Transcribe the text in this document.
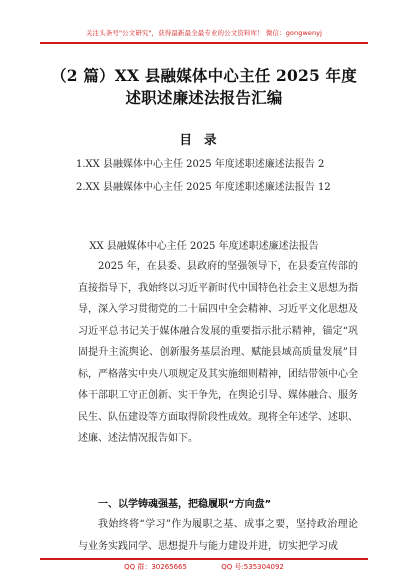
关注头条号"公文研究"，获得最新最全最专业的公文资料库！ 微信：gongwenyj
（2 篇）XX 县融媒体中心主任 2025 年度
述职述廉述法报告汇编
目录
1.XX 县融媒体中心主任 2025 年度述职述廉述法报告 2
2.XX 县融媒体中心主任 2025 年度述职述廉述法报告 12
XX 县融媒体中心主任 2025 年度述职述廉述法报告

2025 年，在县委、县政府的坚强领导下，在县委宣传部的直接指导下，我始终以习近平新时代中国特色社会主义思想为指导，深入学习贯彻党的二十届四中全会精神、习近平文化思想及习近平总书记关于媒体融合发展的重要指示批示精神，锚定“巩固提升主流舆论、创新服务基层治理、赋能县域高质量发展”目标，严格落实中央八项规定及其实施细则精神，团结带领中心全体干部职工守正创新、实干争先，在舆论引导、媒体融合、服务民生、队伍建设等方面取得阶段性成效。现将全年述学、述职、述廉、述法情况报告如下。

一、以学铸魂强基，把稳履职“方向盘”

我始终将“学习”作为履职之基、成事之要，坚持政治理论与业务实践同学、思想提升与能力建设并进，切实把学习成

QQ 群：30265665	QQ 号:535304092
